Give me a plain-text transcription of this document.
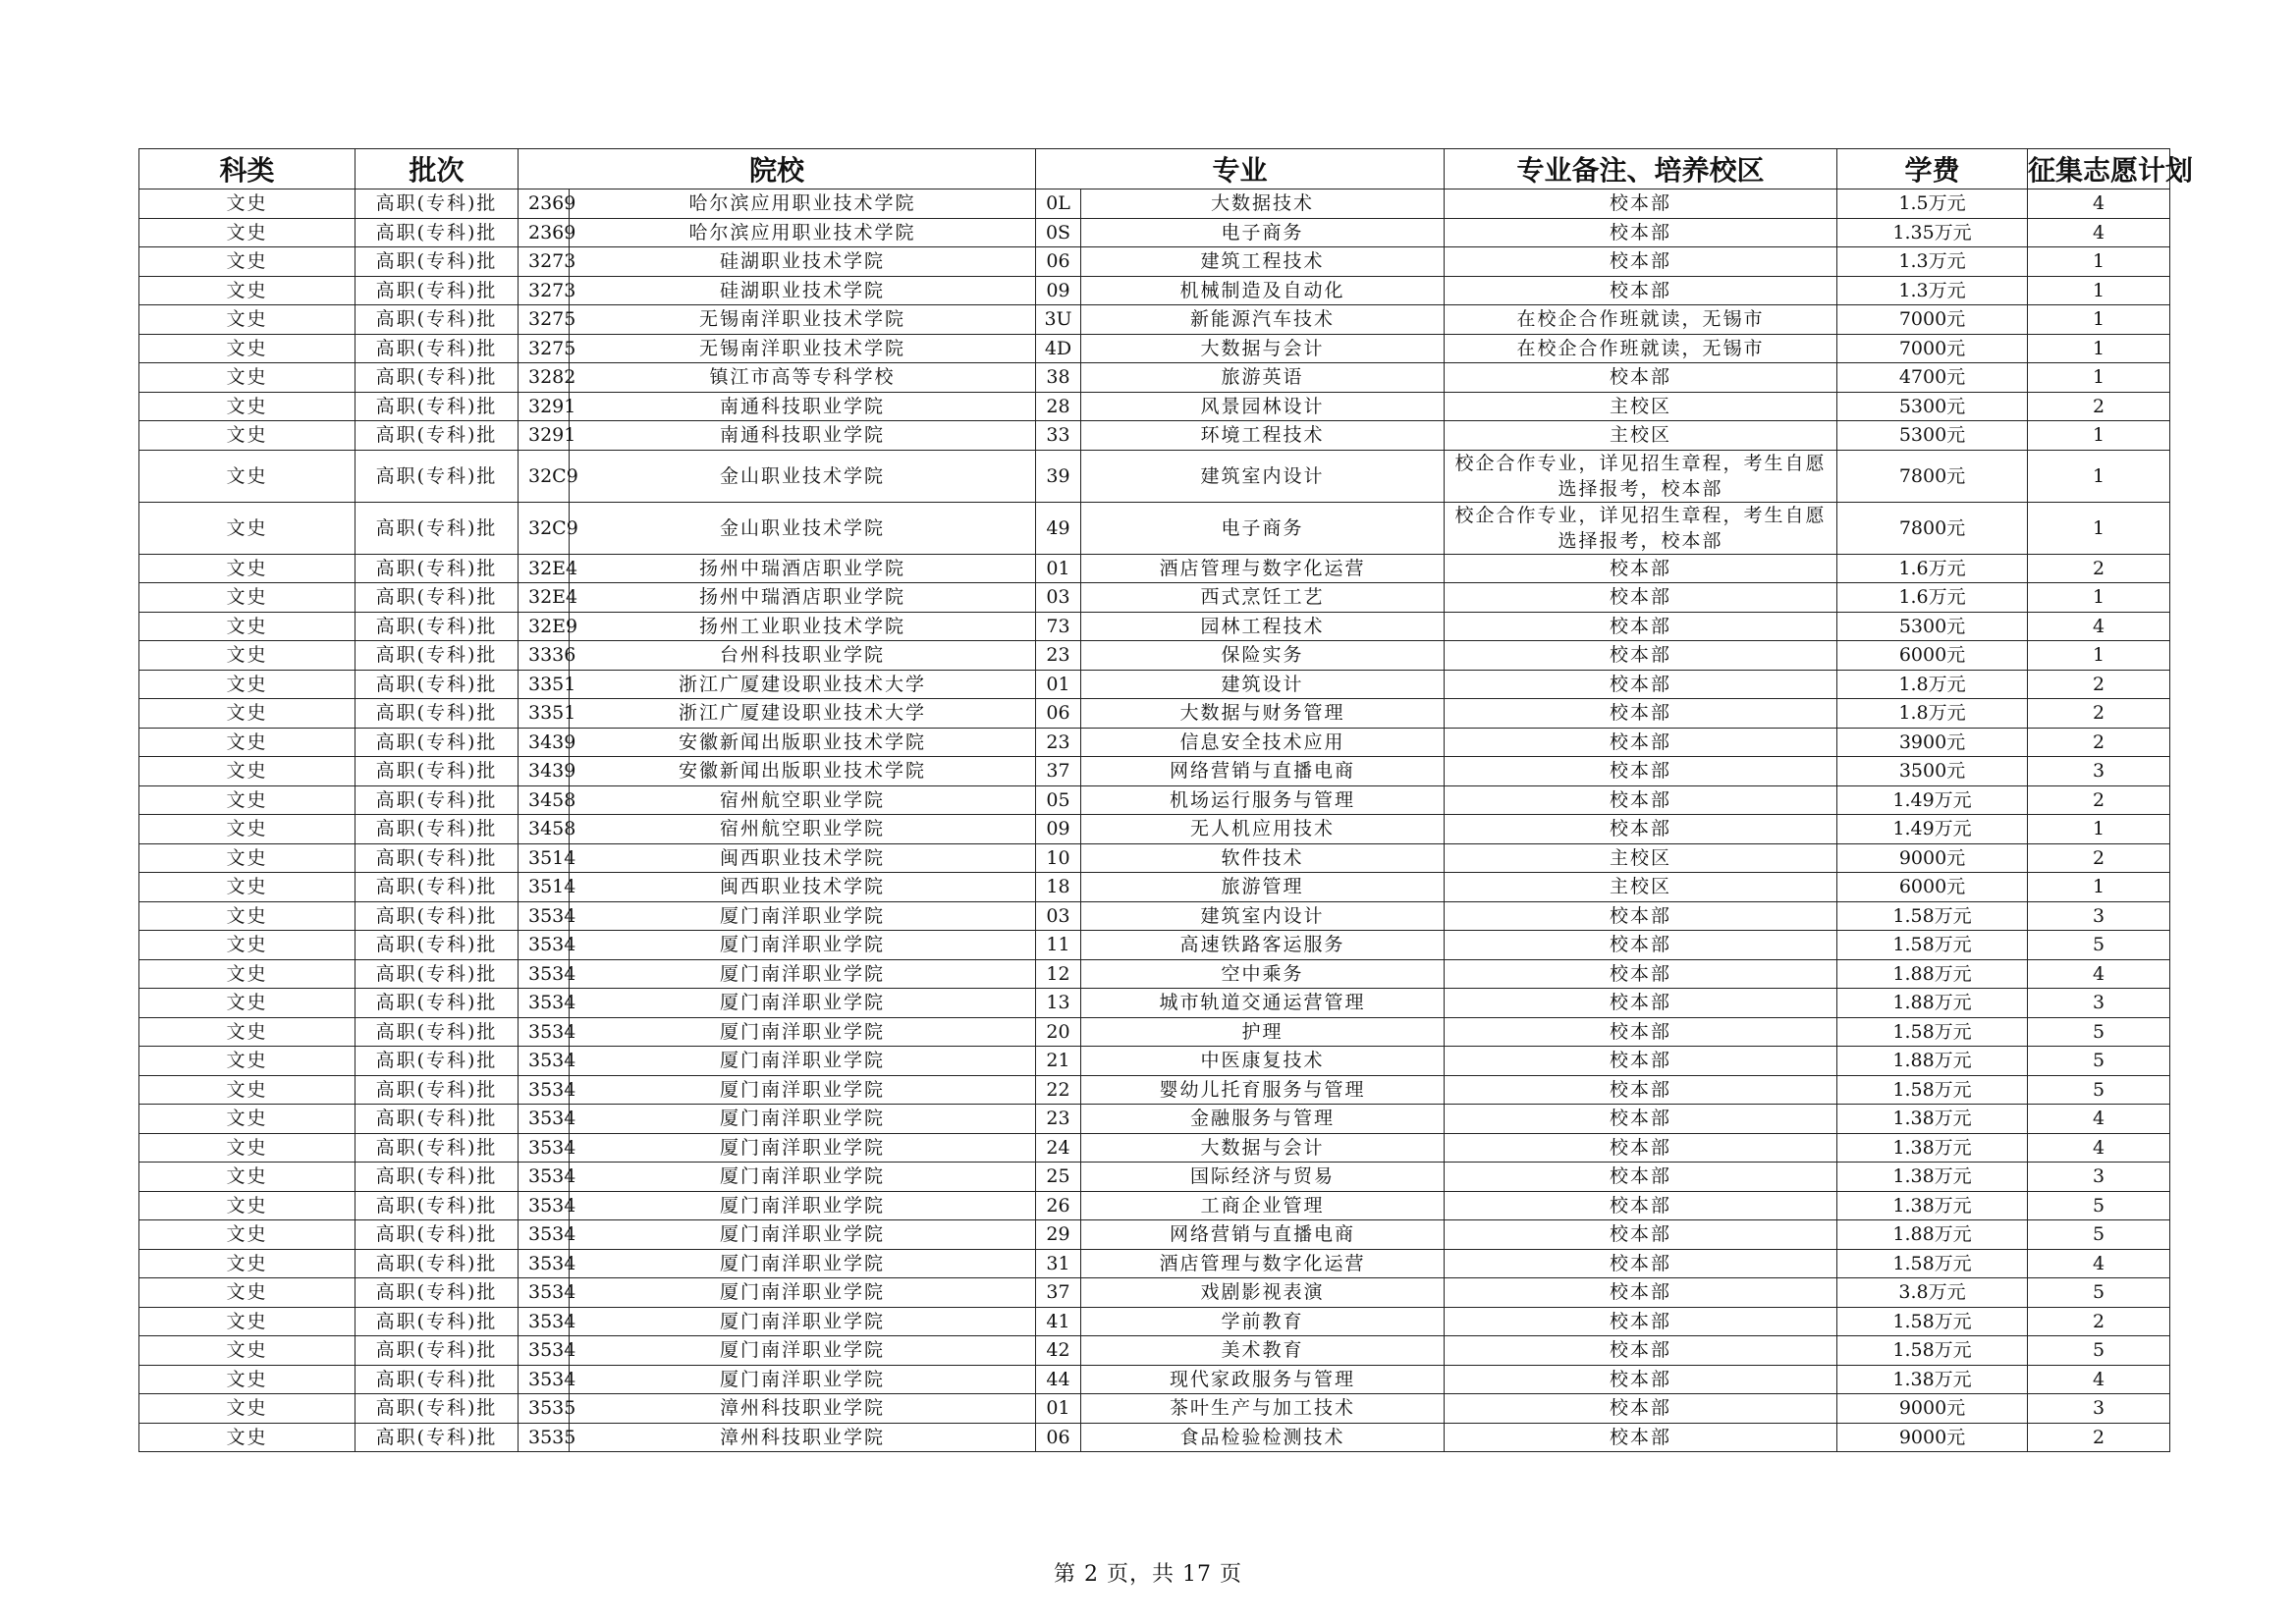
科类	批次	院校		专业		专业备注、培养校区	学费	征集志愿计划
文史	高职(专科)批	2369	哈尔滨应用职业技术学院	0L	大数据技术	校本部	1.5万元	4
文史	高职(专科)批	2369	哈尔滨应用职业技术学院	0S	电子商务	校本部	1.35万元	4
文史	高职(专科)批	3273	硅湖职业技术学院	06	建筑工程技术	校本部	1.3万元	1
文史	高职(专科)批	3273	硅湖职业技术学院	09	机械制造及自动化	校本部	1.3万元	1
文史	高职(专科)批	3275	无锡南洋职业技术学院	3U	新能源汽车技术	在校企合作班就读，无锡市	7000元	1
文史	高职(专科)批	3275	无锡南洋职业技术学院	4D	大数据与会计	在校企合作班就读，无锡市	7000元	1
文史	高职(专科)批	3282	镇江市高等专科学校	38	旅游英语	校本部	4700元	1
文史	高职(专科)批	3291	南通科技职业学院	28	风景园林设计	主校区	5300元	2
文史	高职(专科)批	3291	南通科技职业学院	33	环境工程技术	主校区	5300元	1
文史	高职(专科)批	32C9	金山职业技术学院	39	建筑室内设计	校企合作专业，详见招生章程，考生自愿选择报考，校本部	7800元	1
文史	高职(专科)批	32C9	金山职业技术学院	49	电子商务	校企合作专业，详见招生章程，考生自愿选择报考，校本部	7800元	1
文史	高职(专科)批	32E4	扬州中瑞酒店职业学院	01	酒店管理与数字化运营	校本部	1.6万元	2
文史	高职(专科)批	32E4	扬州中瑞酒店职业学院	03	西式烹饪工艺	校本部	1.6万元	1
文史	高职(专科)批	32E9	扬州工业职业技术学院	73	园林工程技术	校本部	5300元	4
文史	高职(专科)批	3336	台州科技职业学院	23	保险实务	校本部	6000元	1
文史	高职(专科)批	3351	浙江广厦建设职业技术大学	01	建筑设计	校本部	1.8万元	2
文史	高职(专科)批	3351	浙江广厦建设职业技术大学	06	大数据与财务管理	校本部	1.8万元	2
文史	高职(专科)批	3439	安徽新闻出版职业技术学院	23	信息安全技术应用	校本部	3900元	2
文史	高职(专科)批	3439	安徽新闻出版职业技术学院	37	网络营销与直播电商	校本部	3500元	3
文史	高职(专科)批	3458	宿州航空职业学院	05	机场运行服务与管理	校本部	1.49万元	2
文史	高职(专科)批	3458	宿州航空职业学院	09	无人机应用技术	校本部	1.49万元	1
文史	高职(专科)批	3514	闽西职业技术学院	10	软件技术	主校区	9000元	2
文史	高职(专科)批	3514	闽西职业技术学院	18	旅游管理	主校区	6000元	1
文史	高职(专科)批	3534	厦门南洋职业学院	03	建筑室内设计	校本部	1.58万元	3
文史	高职(专科)批	3534	厦门南洋职业学院	11	高速铁路客运服务	校本部	1.58万元	5
文史	高职(专科)批	3534	厦门南洋职业学院	12	空中乘务	校本部	1.88万元	4
文史	高职(专科)批	3534	厦门南洋职业学院	13	城市轨道交通运营管理	校本部	1.88万元	3
文史	高职(专科)批	3534	厦门南洋职业学院	20	护理	校本部	1.58万元	5
文史	高职(专科)批	3534	厦门南洋职业学院	21	中医康复技术	校本部	1.88万元	5
文史	高职(专科)批	3534	厦门南洋职业学院	22	婴幼儿托育服务与管理	校本部	1.58万元	5
文史	高职(专科)批	3534	厦门南洋职业学院	23	金融服务与管理	校本部	1.38万元	4
文史	高职(专科)批	3534	厦门南洋职业学院	24	大数据与会计	校本部	1.38万元	4
文史	高职(专科)批	3534	厦门南洋职业学院	25	国际经济与贸易	校本部	1.38万元	3
文史	高职(专科)批	3534	厦门南洋职业学院	26	工商企业管理	校本部	1.38万元	5
文史	高职(专科)批	3534	厦门南洋职业学院	29	网络营销与直播电商	校本部	1.88万元	5
文史	高职(专科)批	3534	厦门南洋职业学院	31	酒店管理与数字化运营	校本部	1.58万元	4
文史	高职(专科)批	3534	厦门南洋职业学院	37	戏剧影视表演	校本部	3.8万元	5
文史	高职(专科)批	3534	厦门南洋职业学院	41	学前教育	校本部	1.58万元	2
文史	高职(专科)批	3534	厦门南洋职业学院	42	美术教育	校本部	1.58万元	5
文史	高职(专科)批	3534	厦门南洋职业学院	44	现代家政服务与管理	校本部	1.38万元	4
文史	高职(专科)批	3535	漳州科技职业学院	01	茶叶生产与加工技术	校本部	9000元	3
文史	高职(专科)批	3535	漳州科技职业学院	06	食品检验检测技术	校本部	9000元	2
第 2 页，共 17 页
